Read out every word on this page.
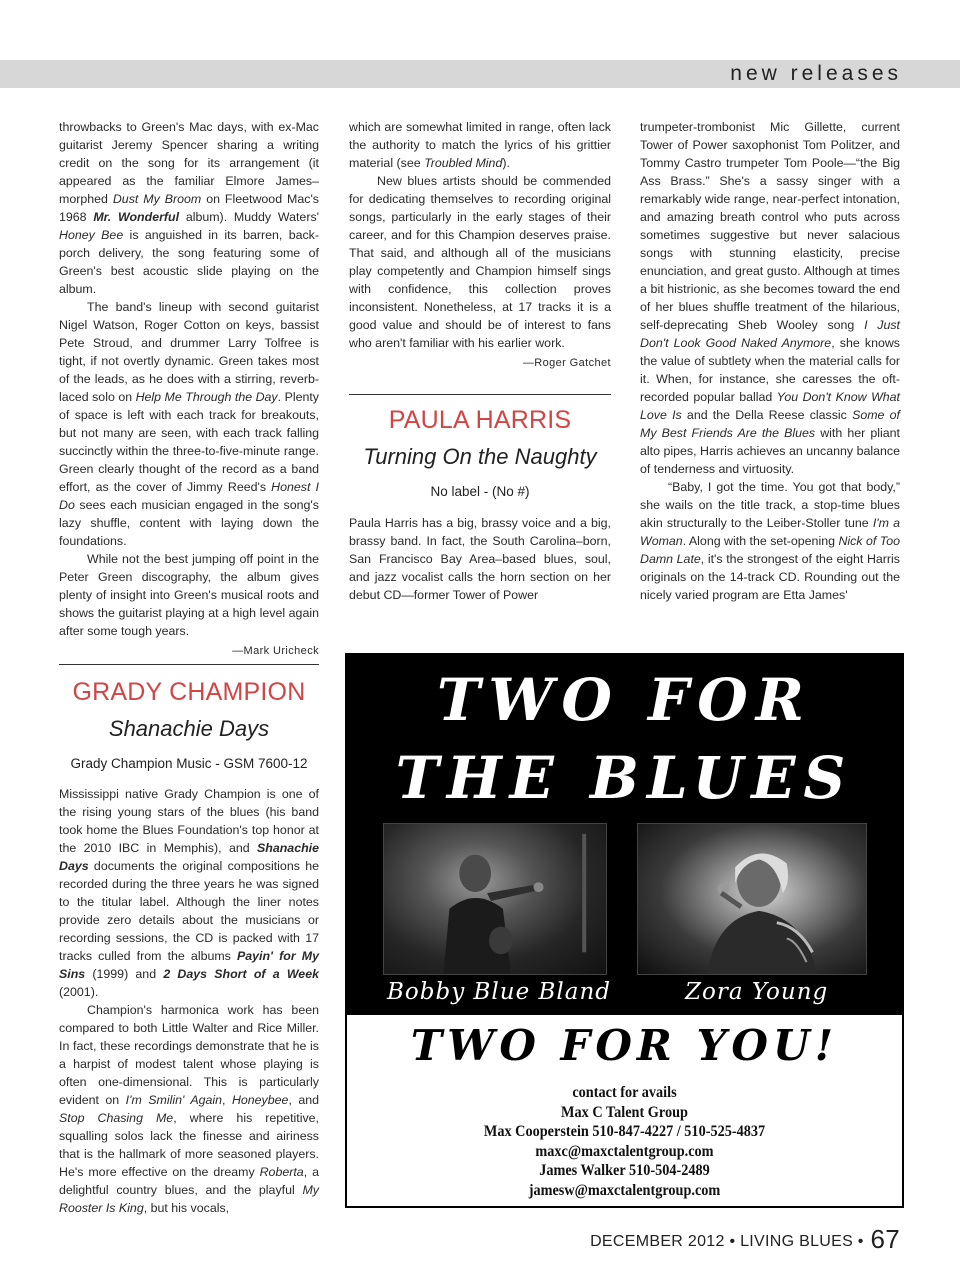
new releases

throwbacks to Green's Mac days, with ex-Mac guitarist Jeremy Spencer sharing a writing credit on the song for its arrangement (it appeared as the familiar Elmore James–morphed Dust My Broom on Fleetwood Mac's 1968 Mr. Wonderful album). Muddy Waters' Honey Bee is anguished in its barren, back-porch delivery, the song featuring some of Green's best acoustic slide playing on the album.

The band's lineup with second guitarist Nigel Watson, Roger Cotton on keys, bassist Pete Stroud, and drummer Larry Tolfree is tight, if not overtly dynamic. Green takes most of the leads, as he does with a stirring, reverb-laced solo on Help Me Through the Day. Plenty of space is left with each track for breakouts, but not many are seen, with each track falling succinctly within the three-to-five-minute range. Green clearly thought of the record as a band effort, as the cover of Jimmy Reed's Honest I Do sees each musician engaged in the song's lazy shuffle, content with laying down the foundations.

While not the best jumping off point in the Peter Green discography, the album gives plenty of insight into Green's musical roots and shows the guitarist playing at a high level again after some tough years.

—Mark Uricheck

which are somewhat limited in range, often lack the authority to match the lyrics of his grittier material (see Troubled Mind).

New blues artists should be commended for dedicating themselves to recording original songs, particularly in the early stages of their career, and for this Champion deserves praise. That said, and although all of the musicians play competently and Champion himself sings with confidence, this collection proves inconsistent. Nonetheless, at 17 tracks it is a good value and should be of interest to fans who aren't familiar with his earlier work.

—Roger Gatchet
PAULA HARRIS
Turning On the Naughty
No label - (No #)

Paula Harris has a big, brassy voice and a big, brassy band. In fact, the South Carolina–born, San Francisco Bay Area–based blues, soul, and jazz vocalist calls the horn section on her debut CD—former Tower of Power

trumpeter-trombonist Mic Gillette, current Tower of Power saxophonist Tom Politzer, and Tommy Castro trumpeter Tom Poole—“the Big Ass Brass.” She's a sassy singer with a remarkably wide range, near-perfect intonation, and amazing breath control who puts across sometimes suggestive but never salacious songs with stunning elasticity, precise enunciation, and great gusto. Although at times a bit histrionic, as she becomes toward the end of her blues shuffle treatment of the hilarious, self-deprecating Sheb Wooley song I Just Don't Look Good Naked Anymore, she knows the value of subtlety when the material calls for it. When, for instance, she caresses the oft-recorded popular ballad You Don't Know What Love Is and the Della Reese classic Some of My Best Friends Are the Blues with her pliant alto pipes, Harris achieves an uncanny balance of tenderness and virtuosity.

“Baby, I got the time. You got that body,” she wails on the title track, a stop-time blues akin structurally to the Leiber-Stoller tune I'm a Woman. Along with the set-opening Nick of Too Damn Late, it's the strongest of the eight Harris originals on the 14-track CD. Rounding out the nicely varied program are Etta James'

GRADY CHAMPION
Shanachie Days
Grady Champion Music - GSM 7600-12

Mississippi native Grady Champion is one of the rising young stars of the blues (his band took home the Blues Foundation's top honor at the 2010 IBC in Memphis), and Shanachie Days documents the original compositions he recorded during the three years he was signed to the titular label. Although the liner notes provide zero details about the musicians or recording sessions, the CD is packed with 17 tracks culled from the albums Payin' for My Sins (1999) and 2 Days Short of a Week (2001).

Champion's harmonica work has been compared to both Little Walter and Rice Miller. In fact, these recordings demonstrate that he is a harpist of modest talent whose playing is often one-dimensional. This is particularly evident on I'm Smilin' Again, Honeybee, and Stop Chasing Me, where his repetitive, squalling solos lack the finesse and airiness that is the hallmark of more seasoned players. He's more effective on the dreamy Roberta, a delightful country blues, and the playful My Rooster Is King, but his vocals,

TWO FOR
THE BLUES
Bobby Blue Bland	Zora Young
TWO FOR YOU!
contact for avails
Max C Talent Group
Max Cooperstein 510-847-4227 / 510-525-4837
maxc@maxctalentgroup.com
James Walker 510-504-2489
jamesw@maxctalentgroup.com
DECEMBER 2012 • LIVING BLUES • 67
